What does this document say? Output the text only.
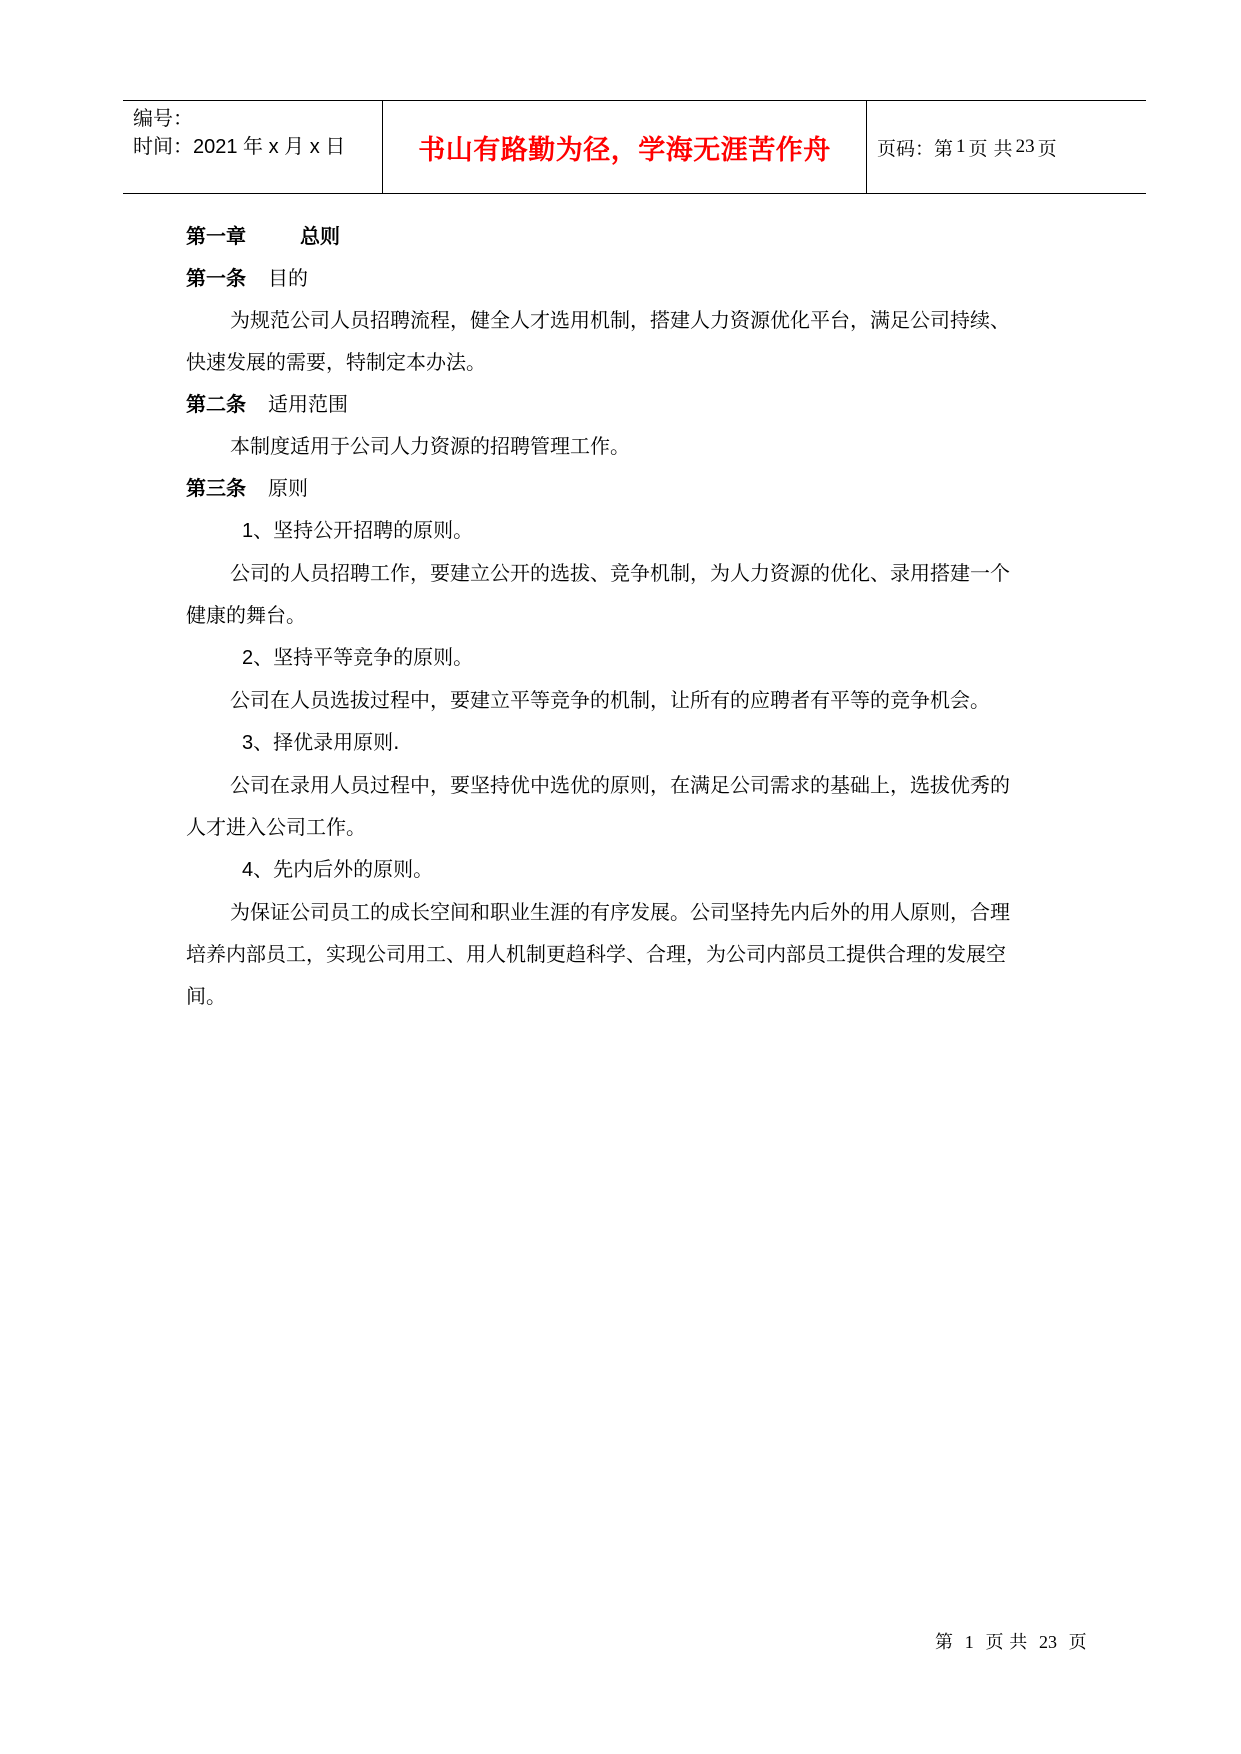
编号：
时间：2021 年 x 月 x 日	书山有路勤为径，学海无涯苦作舟 页码：第 1 页 共 23 页
第一章	总则
第一条 目的
为规范公司人员招聘流程，健全人才选用机制，搭建人力资源优化平台，满足公司持续、
快速发展的需要，特制定本办法。
第二条 适用范围
本制度适用于公司人力资源的招聘管理工作。
第三条 原则
1、坚持公开招聘的原则。
公司的人员招聘工作，要建立公开的选拔、竞争机制，为人力资源的优化、录用搭建一个
健康的舞台。
2、坚持平等竞争的原则。
公司在人员选拔过程中，要建立平等竞争的机制，让所有的应聘者有平等的竞争机会。
3、择优录用原则.
公司在录用人员过程中，要坚持优中选优的原则，在满足公司需求的基础上，选拔优秀的
人才进入公司工作。
4、先内后外的原则。
为保证公司员工的成长空间和职业生涯的有序发展。公司坚持先内后外的用人原则，合理
培养内部员工，实现公司用工、用人机制更趋科学、合理，为公司内部员工提供合理的发展空
间。
第 1 页 共 23 页
